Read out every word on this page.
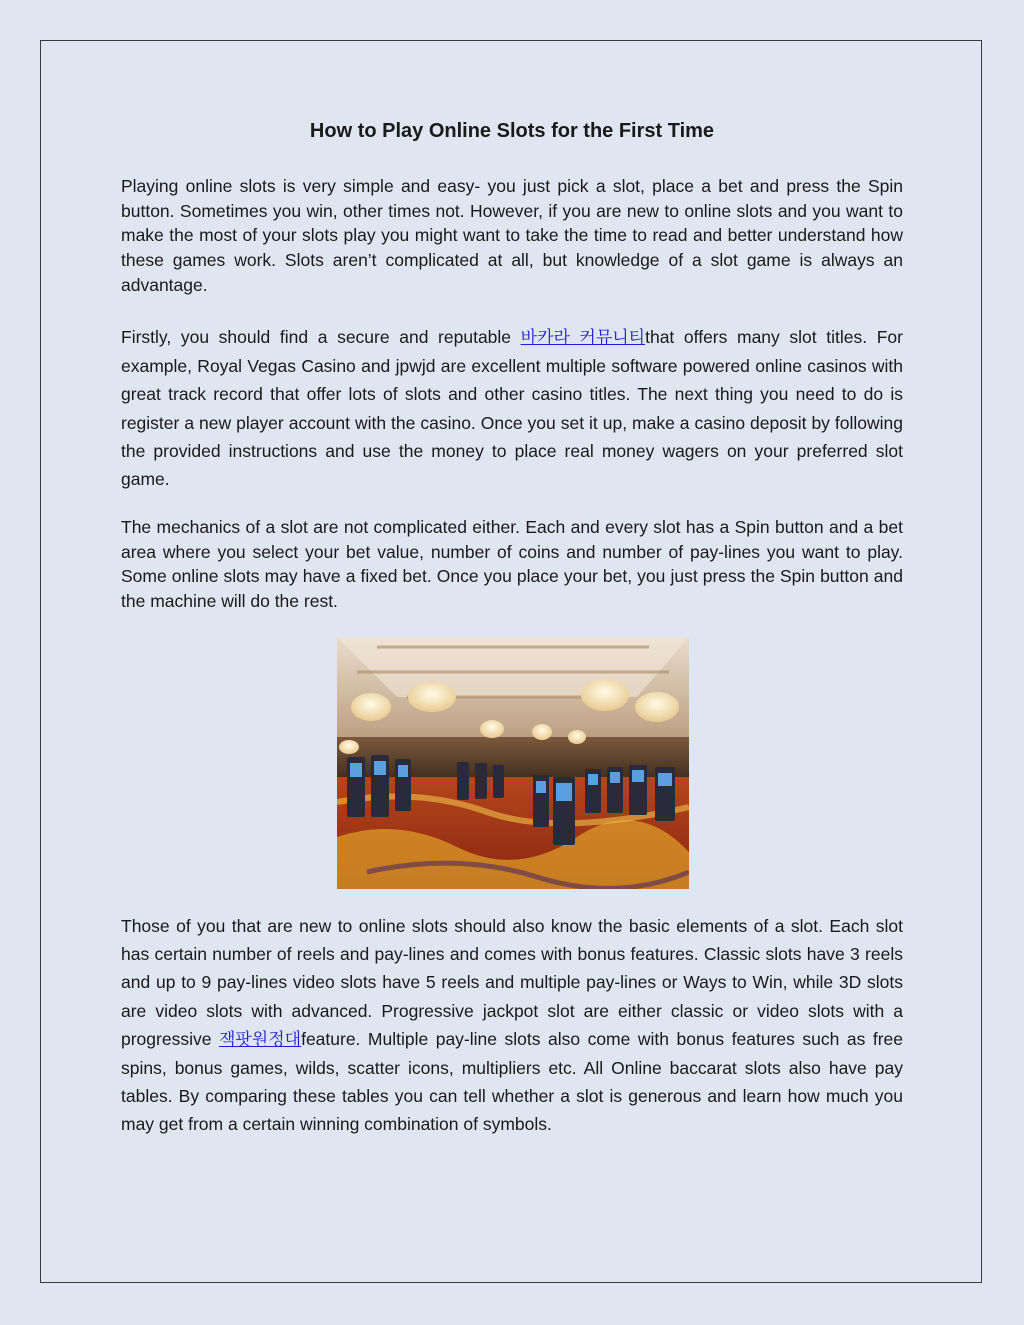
How to Play Online Slots for the First Time

Playing online slots is very simple and easy- you just pick a slot, place a bet and press the Spin button. Sometimes you win, other times not. However, if you are new to online slots and you want to make the most of your slots play you might want to take the time to read and better understand how these games work. Slots aren’t complicated at all, but knowledge of a slot game is always an advantage.

Firstly, you should find a secure and reputable 바카라 커뮤니티that offers many slot titles. For example, Royal Vegas Casino and jpwjd are excellent multiple software powered online casinos with great track record that offer lots of slots and other casino titles. The next thing you need to do is register a new player account with the casino. Once you set it up, make a casino deposit by following the provided instructions and use the money to place real money wagers on your preferred slot game.

The mechanics of a slot are not complicated either. Each and every slot has a Spin button and a bet area where you select your bet value, number of coins and number of pay-lines you want to play. Some online slots may have a fixed bet. Once you place your bet, you just press the Spin button and the machine will do the rest.

Those of you that are new to online slots should also know the basic elements of a slot. Each slot has certain number of reels and pay-lines and comes with bonus features. Classic slots have 3 reels and up to 9 pay-lines video slots have 5 reels and multiple pay-lines or Ways to Win, while 3D slots are video slots with advanced. Progressive jackpot slot are either classic or video slots with a progressive 잭팟원정대feature. Multiple pay-line slots also come with bonus features such as free spins, bonus games, wilds, scatter icons, multipliers etc. All Online baccarat slots also have pay tables. By comparing these tables you can tell whether a slot is generous and learn how much you may get from a certain winning combination of symbols.
